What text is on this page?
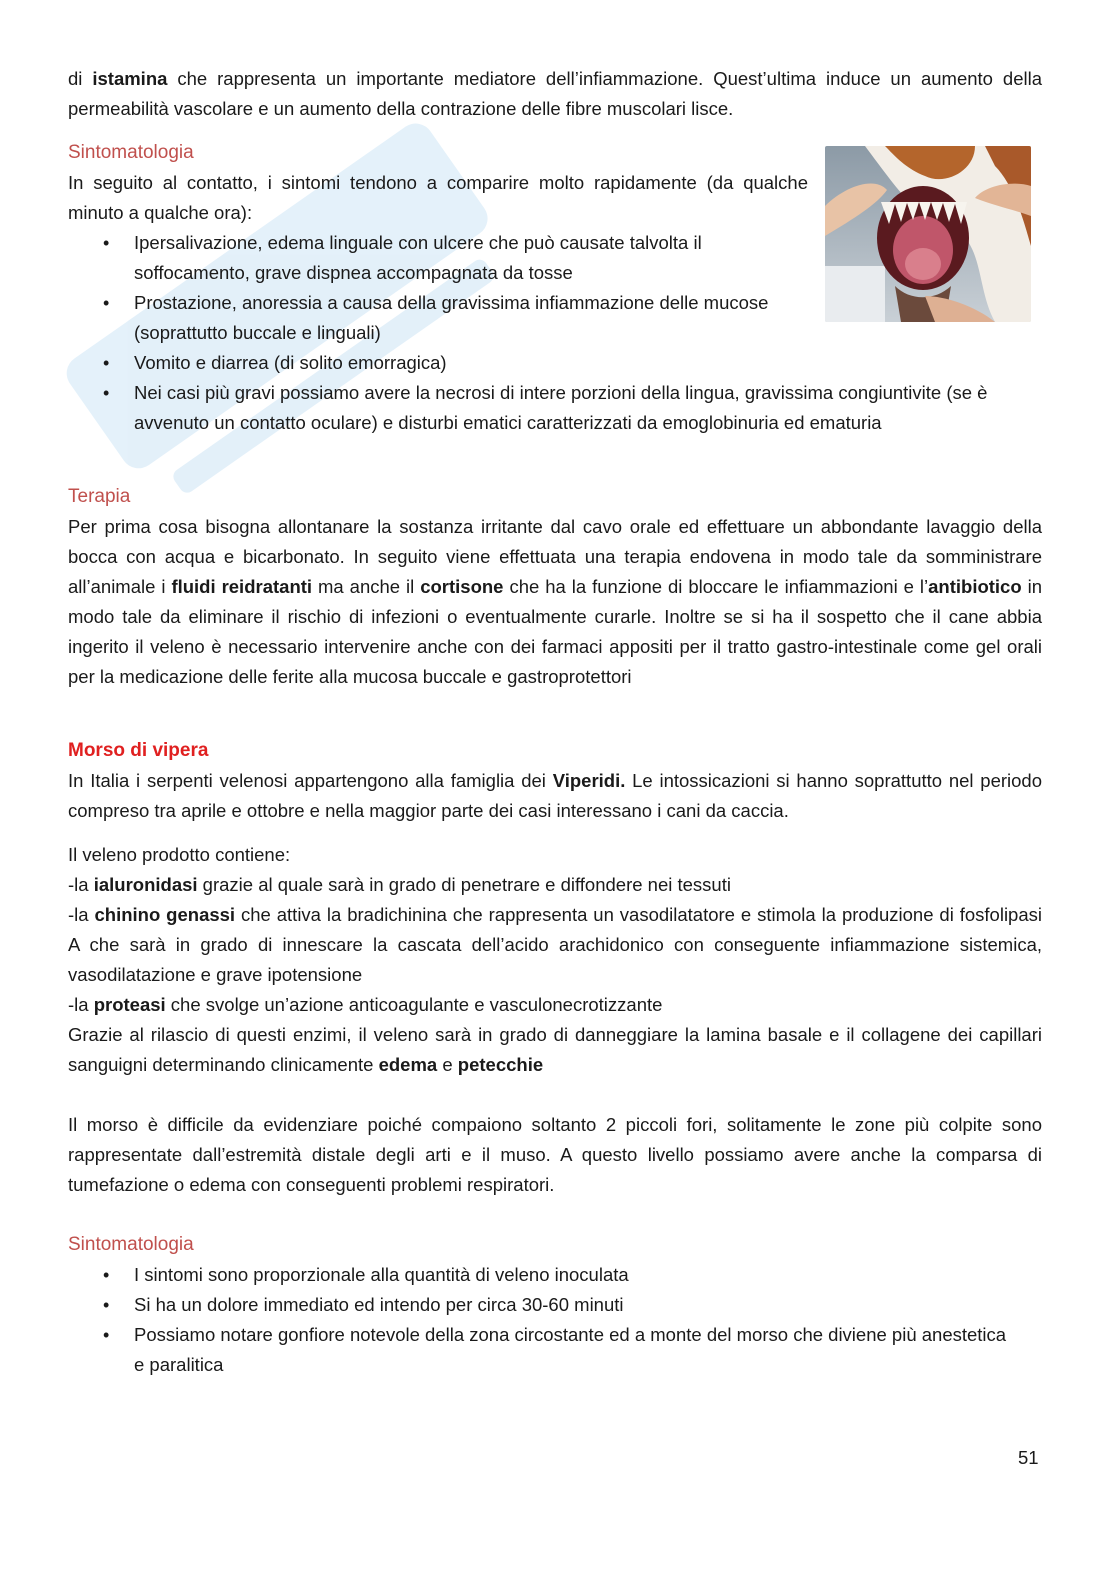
di istamina che rappresenta un importante mediatore dell’infiammazione. Quest’ultima induce un aumento della permeabilità vascolare e un aumento della contrazione delle fibre muscolari lisce.

Sintomatologia

In seguito al contatto, i sintomi tendono a comparire molto rapidamente (da qualche minuto a qualche ora):

• Ipersalivazione, edema linguale con ulcere che può causate talvolta il soffocamento, grave dispnea accompagnata da tosse
• Prostazione, anoressia a causa della gravissima infiammazione delle mucose (soprattutto buccale e linguali)
• Vomito e diarrea (di solito emorragica)
• Nei casi più gravi possiamo avere la necrosi di intere porzioni della lingua, gravissima congiuntivite (se è avvenuto un contatto oculare) e disturbi ematici caratterizzati da emoglobinuria ed ematuria

Terapia

Per prima cosa bisogna allontanare la sostanza irritante dal cavo orale ed effettuare un abbondante lavaggio della bocca con acqua e bicarbonato. In seguito viene effettuata una terapia endovena in modo tale da somministrare all’animale i fluidi reidratanti ma anche il cortisone che ha la funzione di bloccare le infiammazioni e l’antibiotico in modo tale da eliminare il rischio di infezioni o eventualmente curarle. Inoltre se si ha il sospetto che il cane abbia ingerito il veleno è necessario intervenire anche con dei farmaci appositi per il tratto gastro-intestinale come gel orali per la medicazione delle ferite alla mucosa buccale e gastroprotettori

Morso di vipera

In Italia i serpenti velenosi appartengono alla famiglia dei Viperidi. Le intossicazioni si hanno soprattutto nel periodo compreso tra aprile e ottobre e nella maggior parte dei casi interessano i cani da caccia.

Il veleno prodotto contiene:

-la ialuronidasi grazie al quale sarà in grado di penetrare e diffondere nei tessuti

-la chinino genassi che attiva la bradichinina che rappresenta un vasodilatatore e stimola la produzione di fosfolipasi A che sarà in grado di innescare la cascata dell’acido arachidonico con conseguente infiammazione sistemica, vasodilatazione e grave ipotensione

-la proteasi che svolge un’azione anticoagulante e vasculonecrotizzante

Grazie al rilascio di questi enzimi, il veleno sarà in grado di danneggiare la lamina basale e il collagene dei capillari sanguigni determinando clinicamente edema e petecchie

Il morso è difficile da evidenziare poiché compaiono soltanto 2 piccoli fori, solitamente le zone più colpite sono rappresentate dall’estremità distale degli arti e il muso. A questo livello possiamo avere anche la comparsa di tumefazione o edema con conseguenti problemi respiratori.

Sintomatologia

• I sintomi sono proporzionale alla quantità di veleno inoculata
• Si ha un dolore immediato ed intendo per circa 30-60 minuti
• Possiamo notare gonfiore notevole della zona circostante ed a monte del morso che diviene più anestetica e paralitica
51
